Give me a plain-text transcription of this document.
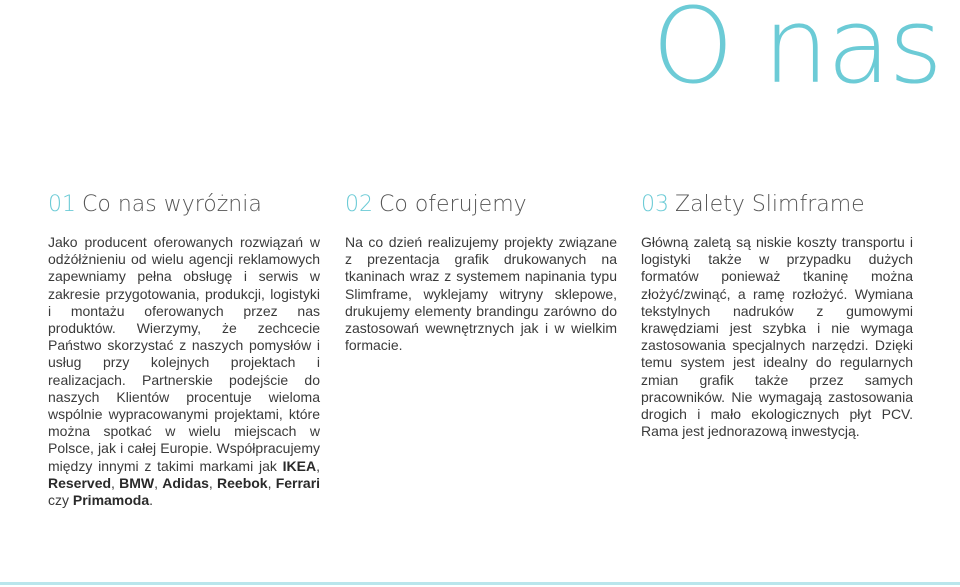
O nas
01 Co nas wyróżnia

Jako producent oferowanych rozwiązań w odżółżnieniu od wielu agencji reklamowych zapewniamy pełna obsługę i serwis w zakresie przygotowania, produkcji, logistyki i montażu oferowanych przez nas produktów. Wierzymy, że zechcecie Państwo skorzystać z naszych pomysłów i usług przy kolejnych projektach i realizacjach. Partnerskie podejście do naszych Klientów procentuje wieloma wspólnie wypracowanymi projektami, które można spotkać w wielu miejscach w Polsce, jak i całej Europie. Współpracujemy między innymi z takimi markami jak IKEA, Reserved, BMW, Adidas, Reebok, Ferrari czy Primamoda.

02 Co oferujemy

Na co dzień realizujemy projekty związane z prezentacja grafik drukowanych na tkaninach wraz z systemem napinania typu Slimframe, wyklejamy witryny sklepowe, drukujemy elementy brandingu zarówno do zastosowań wewnętrznych jak i w wielkim formacie.

03 Zalety Slimframe

Główną zaletą są niskie koszty transportu i logistyki także w przypadku dużych formatów ponieważ tkaninę można złożyć/zwinąć, a ramę rozłożyć. Wymiana tekstylnych nadruków z gumowymi krawędziami jest szybka i nie wymaga zastosowania specjalnych narzędzi. Dzięki temu system jest idealny do regularnych zmian grafik także przez samych pracowników. Nie wymagają zastosowania drogich i mało ekologicznych płyt PCV. Rama jest jednorazową inwestycją.
